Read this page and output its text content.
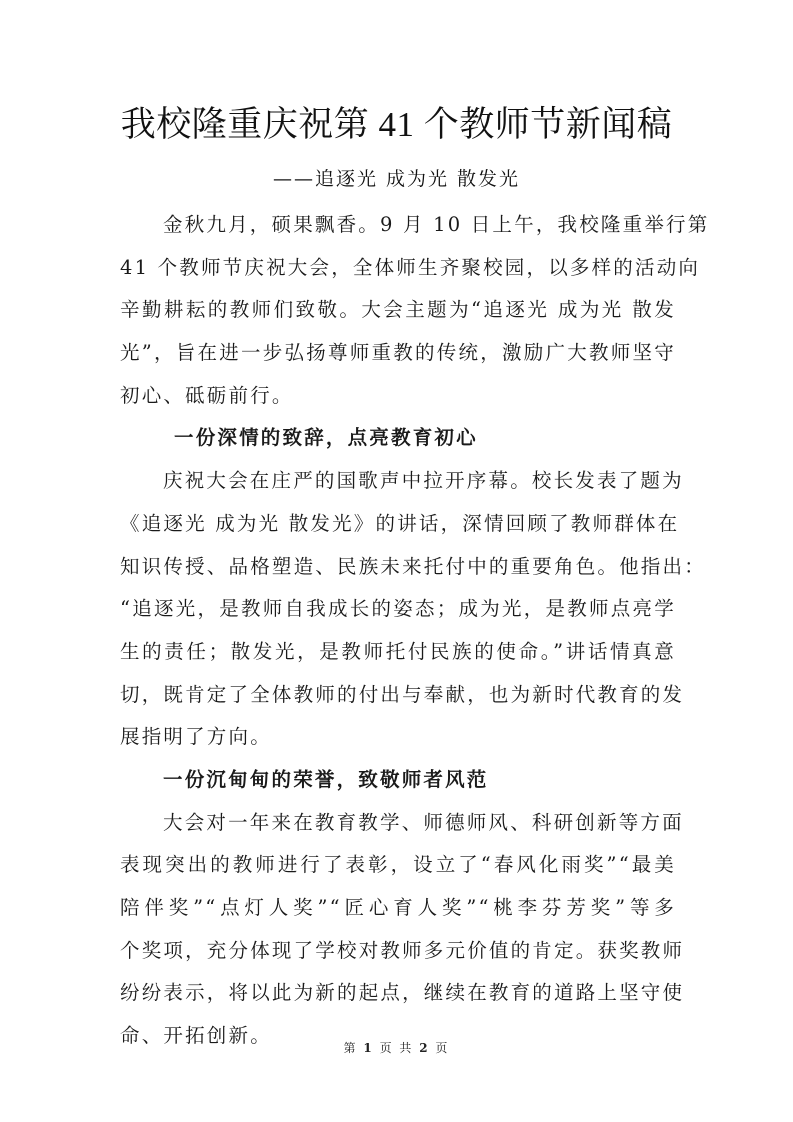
我校隆重庆祝第 41 个教师节新闻稿
——追逐光 成为光 散发光
金秋九月，硕果飘香。9 月 10 日上午，我校隆重举行第
41 个教师节庆祝大会，全体师生齐聚校园，以多样的活动向
辛勤耕耘的教师们致敬。大会主题为“追逐光 成为光 散发
光”，旨在进一步弘扬尊师重教的传统，激励广大教师坚守
初心、砥砺前行。
一份深情的致辞，点亮教育初心
庆祝大会在庄严的国歌声中拉开序幕。校长发表了题为
《追逐光 成为光 散发光》的讲话，深情回顾了教师群体在
知识传授、品格塑造、民族未来托付中的重要角色。他指出：
“追逐光，是教师自我成长的姿态；成为光，是教师点亮学
生的责任；散发光，是教师托付民族的使命。”讲话情真意
切，既肯定了全体教师的付出与奉献，也为新时代教育的发
展指明了方向。
一份沉甸甸的荣誉，致敬师者风范
大会对一年来在教育教学、师德师风、科研创新等方面
表现突出的教师进行了表彰，设立了“春风化雨奖”“最美
陪伴奖”“点灯人奖”“匠心育人奖”“桃李芬芳奖”等多
个奖项，充分体现了学校对教师多元价值的肯定。获奖教师
纷纷表示，将以此为新的起点，继续在教育的道路上坚守使
命、开拓创新。
第 1 页 共 2 页
